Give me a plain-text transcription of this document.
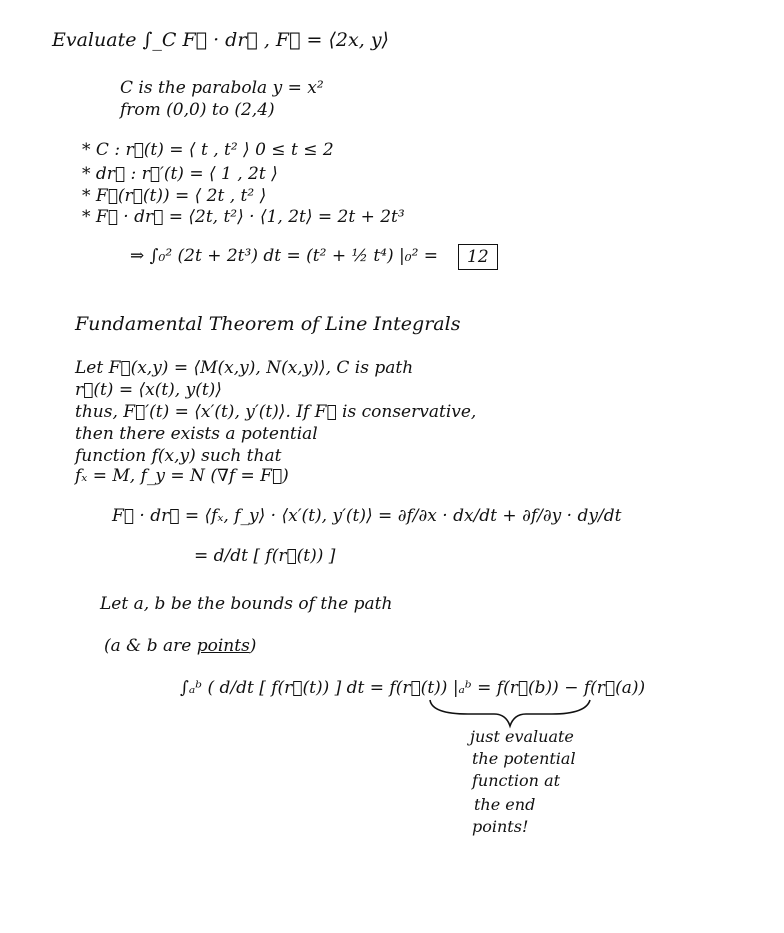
Evaluate ∫_C F⃗ · dr⃗ , F⃗ = ⟨2x, y⟩
C is the parabola y = x²
from (0,0) to (2,4)
* C : r⃗(t) = ⟨ t , t² ⟩ 0 ≤ t ≤ 2
* dr⃗ : r⃗′(t) = ⟨ 1 , 2t ⟩
* F⃗(r⃗(t)) = ⟨ 2t , t² ⟩
* F⃗ · dr⃗ = ⟨2t, t²⟩ · ⟨1, 2t⟩ = 2t + 2t³
⇒ ∫₀² (2t + 2t³) dt = (t² + ½ t⁴) |₀² =	12
Fundamental Theorem of Line Integrals
Let F⃗(x,y) = ⟨M(x,y), N(x,y)⟩, C is path
r⃗(t) = ⟨x(t), y(t)⟩
thus, F⃗′(t) = ⟨x′(t), y′(t)⟩. If F⃗ is conservative,
then there exists a potential
function f(x,y) such that
fₓ = M, f_y = N (∇f = F⃗)
F⃗ · dr⃗ = ⟨fₓ, f_y⟩ · ⟨x′(t), y′(t)⟩ = ∂f/∂x · dx/dt + ∂f/∂y · dy/dt
= d/dt [ f(r⃗(t)) ]
Let a, b be the bounds of the path
(a & b are points)
∫ₐᵇ ( d/dt [ f(r⃗(t)) ] dt = f(r⃗(t)) |ₐᵇ = f(r⃗(b)) − f(r⃗(a))
just evaluate
the potential
function at
the end
points!
